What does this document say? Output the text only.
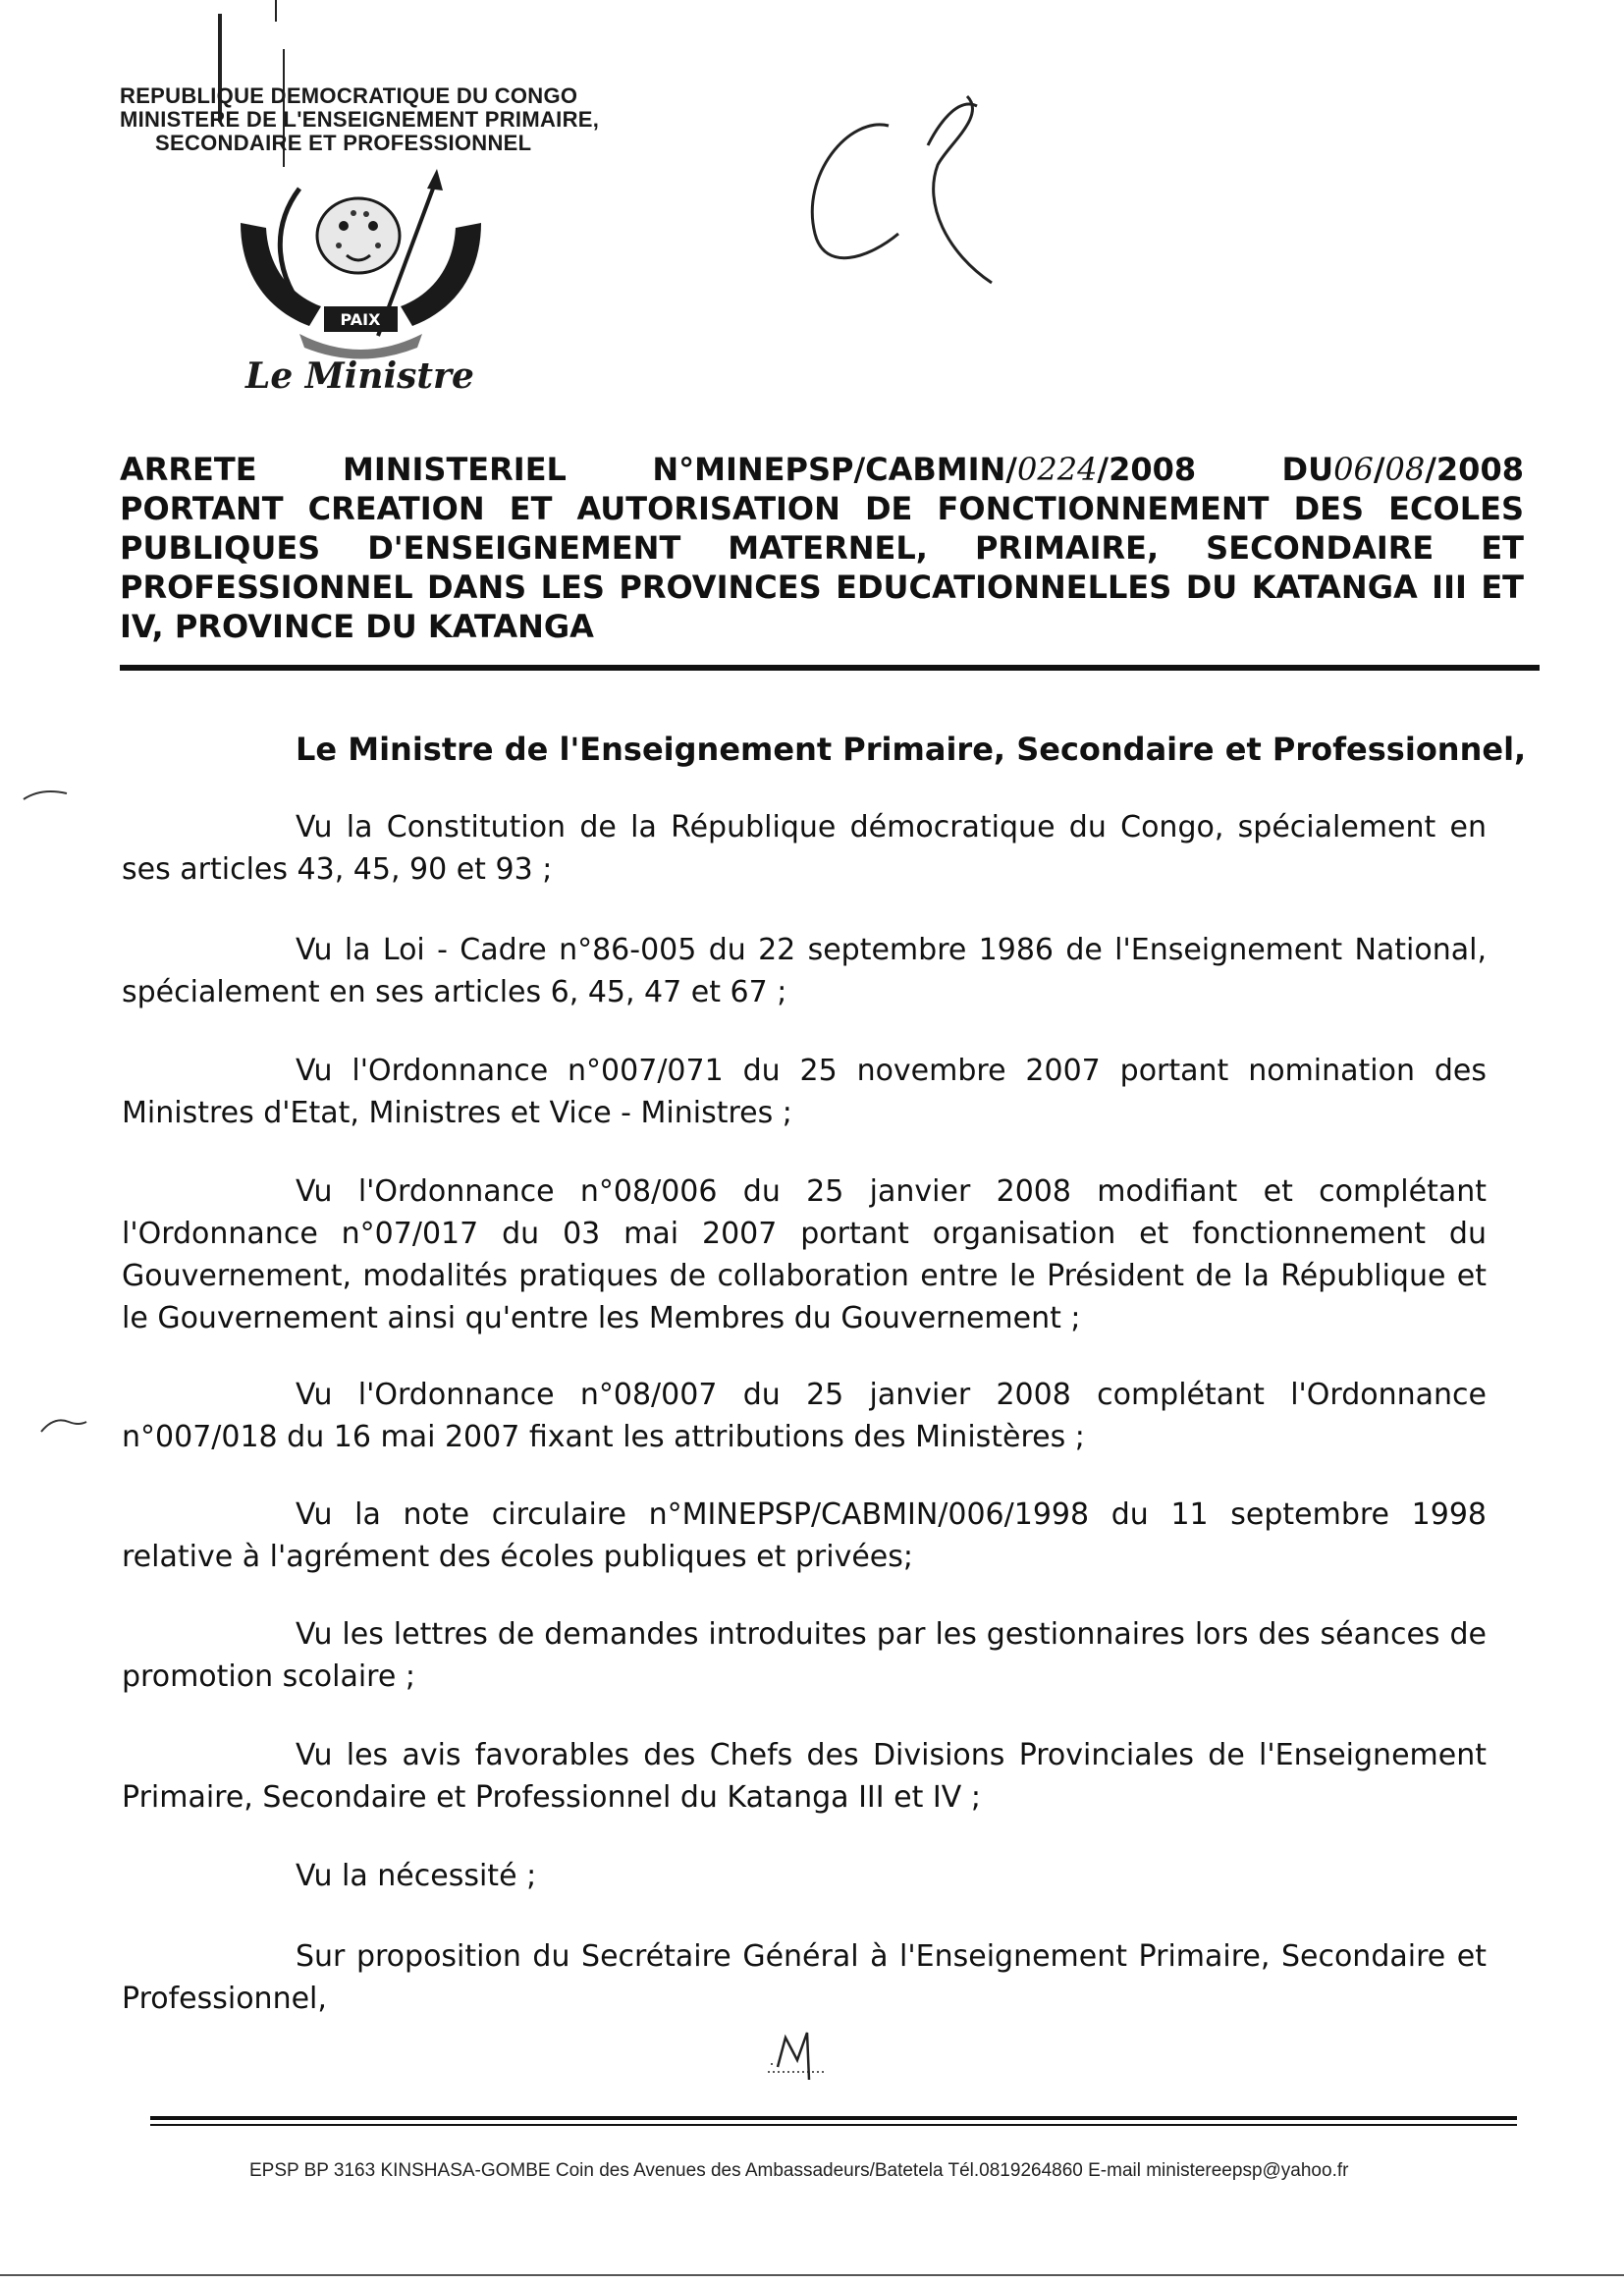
REPUBLIQUE DEMOCRATIQUE DU CONGO
MINISTERE DE L'ENSEIGNEMENT PRIMAIRE,
SECONDAIRE ET PROFESSIONNEL
PAIX
Le Ministre
ARRETE	MINISTERIEL	N°MINEPSP/CABMIN/0224/2008	DU06/08/2008
PORTANT CREATION ET AUTORISATION DE FONCTIONNEMENT DES ECOLES
PUBLIQUES D'ENSEIGNEMENT MATERNEL, PRIMAIRE, SECONDAIRE ET
PROFESSIONNEL DANS LES PROVINCES EDUCATIONNELLES DU KATANGA III ET
IV, PROVINCE DU KATANGA
Le Ministre de l'Enseignement Primaire, Secondaire et Professionnel,

Vu la Constitution de la République démocratique du Congo, spécialement en ses articles 43, 45, 90 et 93 ;

Vu la Loi - Cadre n°86-005 du 22 septembre 1986 de l'Enseignement National, spécialement en ses articles 6, 45, 47 et 67 ;

Vu l'Ordonnance n°007/071 du 25 novembre 2007 portant nomination des Ministres d'Etat, Ministres et Vice - Ministres ;

Vu l'Ordonnance n°08/006 du 25 janvier 2008 modifiant et complétant l'Ordonnance n°07/017 du 03 mai 2007 portant organisation et fonctionnement du Gouvernement, modalités pratiques de collaboration entre le Président de la République et le Gouvernement ainsi qu'entre les Membres du Gouvernement ;

Vu l'Ordonnance n°08/007 du 25 janvier 2008 complétant l'Ordonnance n°007/018 du 16 mai 2007 fixant les attributions des Ministères ;

Vu la note circulaire n°MINEPSP/CABMIN/006/1998 du 11 septembre 1998 relative à l'agrément des écoles publiques et privées;

Vu les lettres de demandes introduites par les gestionnaires lors des séances de promotion scolaire ;

Vu les avis favorables des Chefs des Divisions Provinciales de l'Enseignement Primaire, Secondaire et Professionnel du Katanga III et IV ;

Vu la nécessité ;

Sur proposition du Secrétaire Général à l'Enseignement Primaire, Secondaire et Professionnel,

EPSP BP 3163 KINSHASA-GOMBE Coin des Avenues des Ambassadeurs/Batetela Tél.0819264860 E-mail ministereepsp@yahoo.fr
